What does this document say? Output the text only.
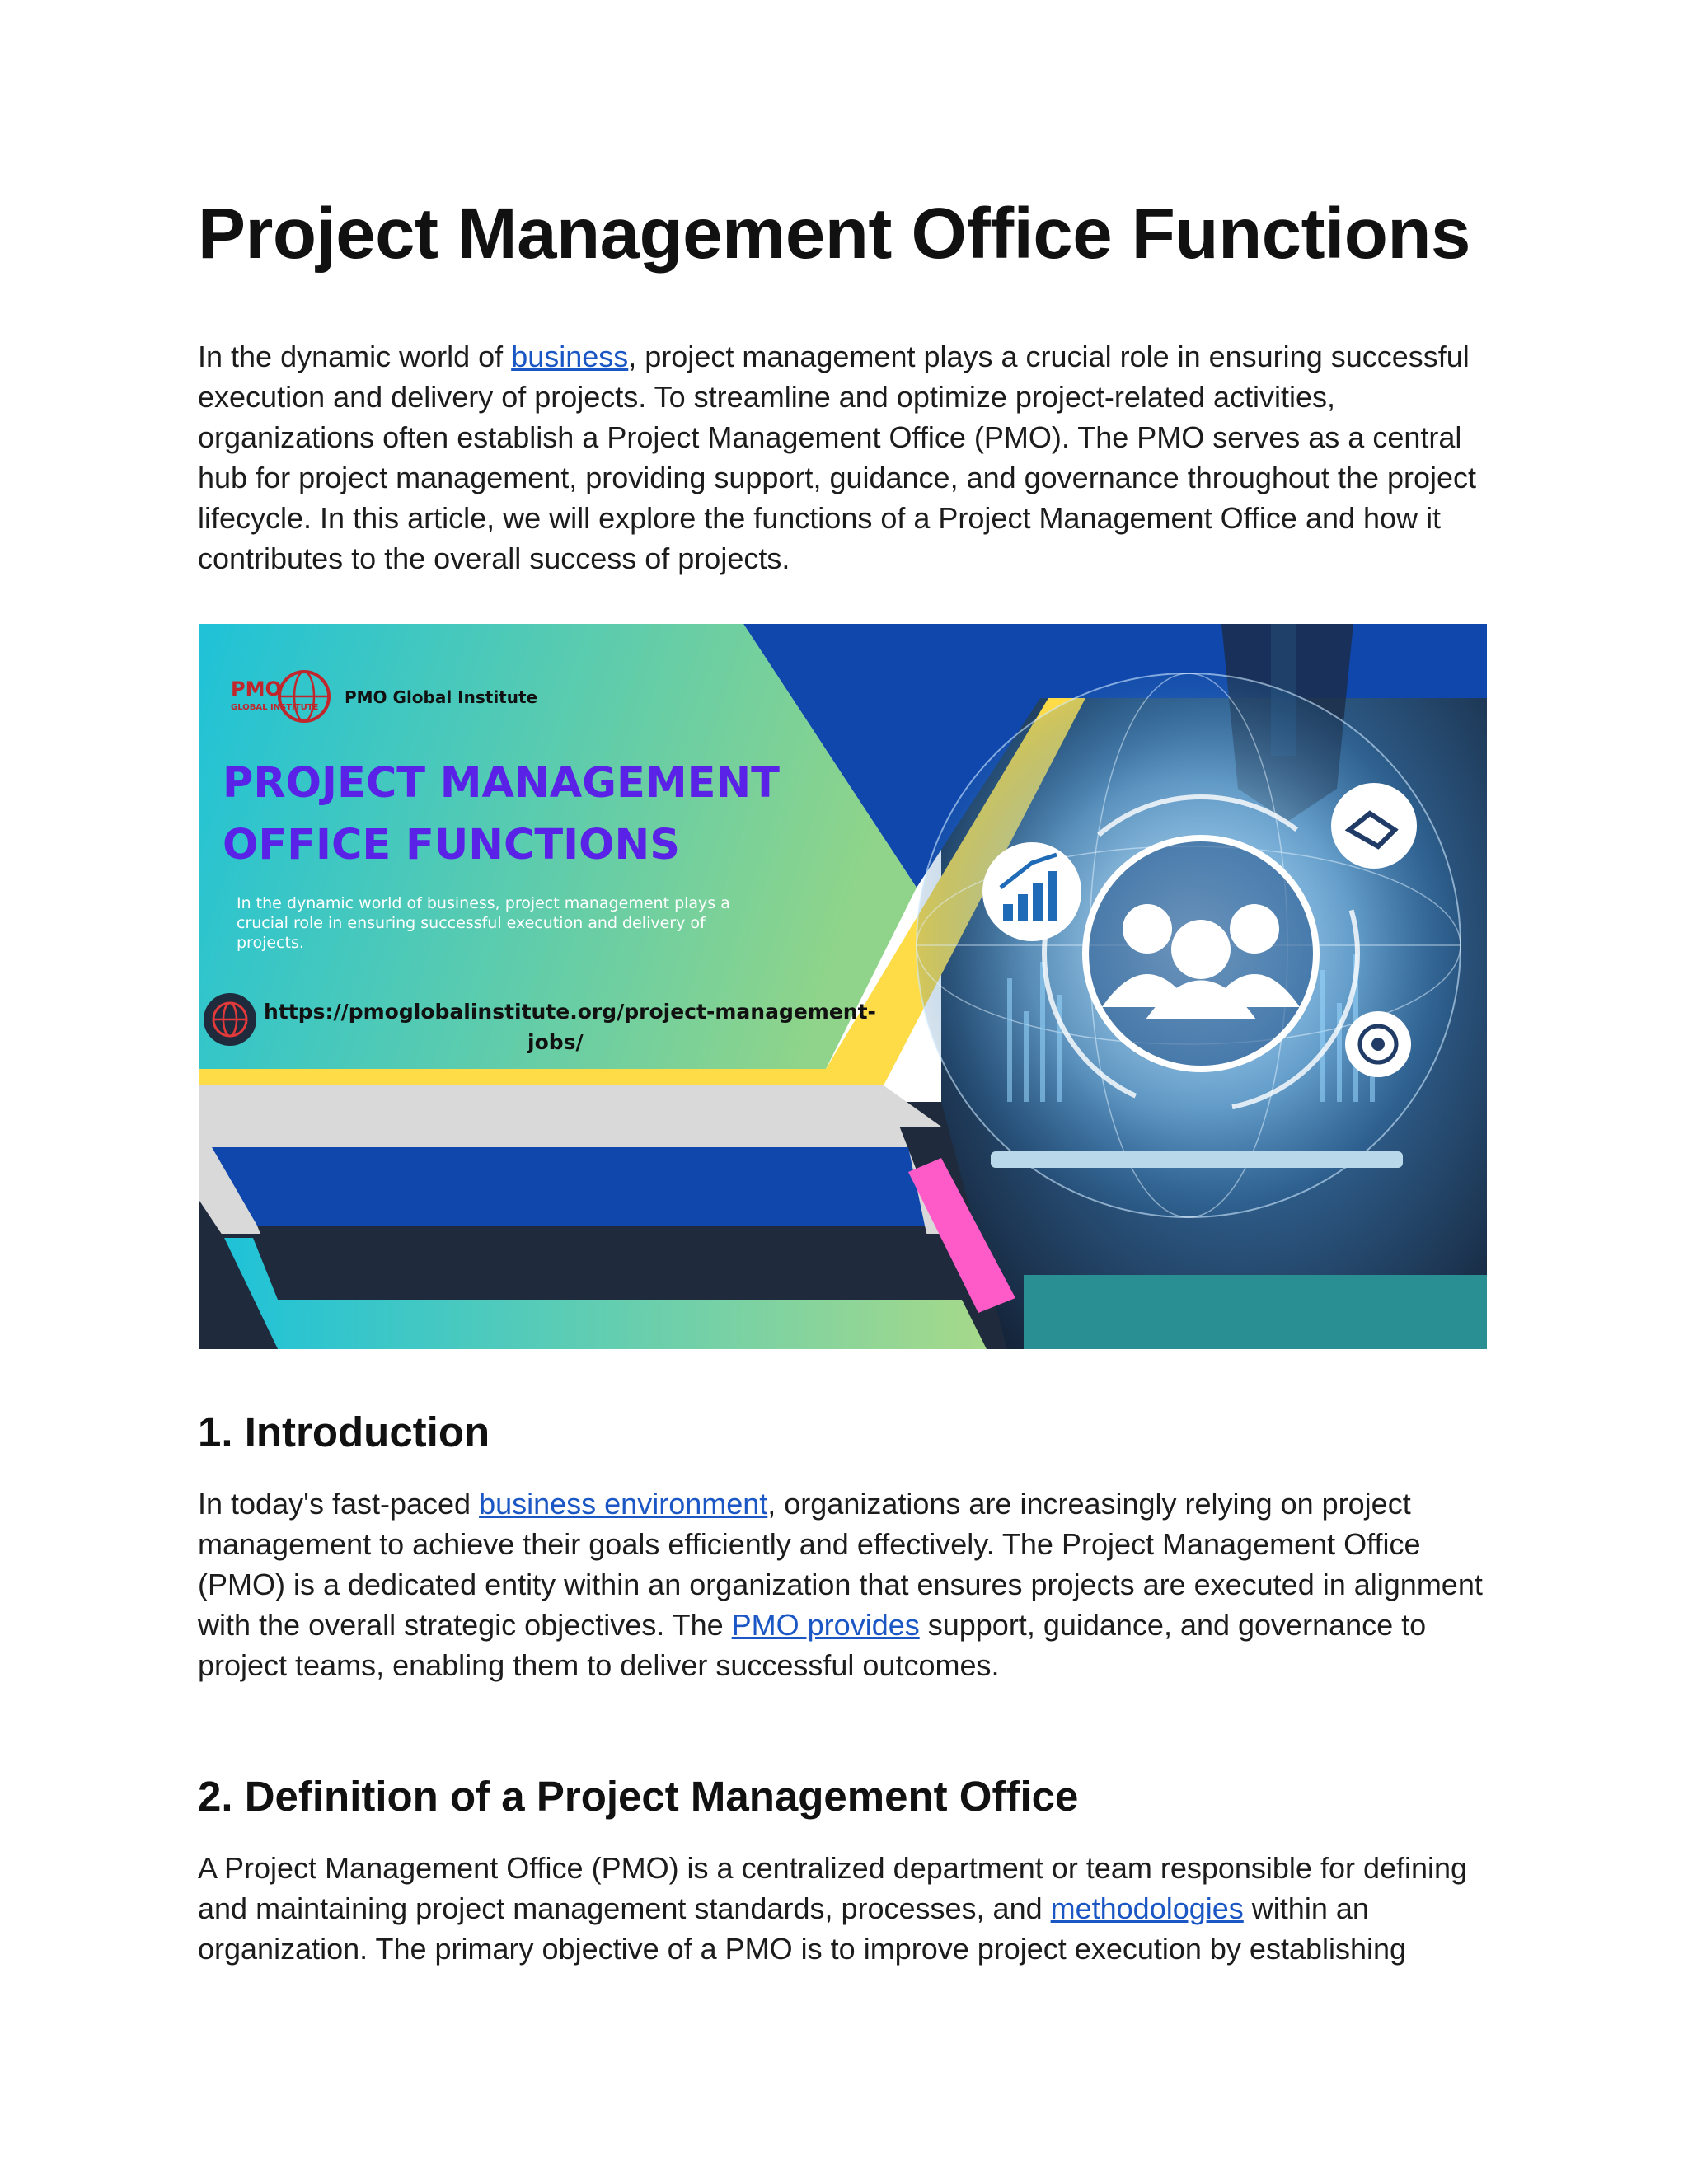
Project Management Office Functions

In the dynamic world of business, project management plays a crucial role in ensuring successful execution and delivery of projects. To streamline and optimize project-related activities, organizations often establish a Project Management Office (PMO). The PMO serves as a central hub for project management, providing support, guidance, and governance throughout the project lifecycle. In this article, we will explore the functions of a Project Management Office and how it contributes to the overall success of projects.

PMO
GLOBAL INSTITUTE
PMO Global Institute
PROJECT MANAGEMENT
OFFICE FUNCTIONS
In the dynamic world of business, project management plays a
crucial role in ensuring successful execution and delivery of
projects.
https://pmoglobalinstitute.org/project-management-
jobs/
1. Introduction

In today's fast-paced business environment, organizations are increasingly relying on project management to achieve their goals efficiently and effectively. The Project Management Office (PMO) is a dedicated entity within an organization that ensures projects are executed in alignment with the overall strategic objectives. The PMO provides support, guidance, and governance to project teams, enabling them to deliver successful outcomes.

2. Definition of a Project Management Office

A Project Management Office (PMO) is a centralized department or team responsible for defining and maintaining project management standards, processes, and methodologies within an organization. The primary objective of a PMO is to improve project execution by establishing
